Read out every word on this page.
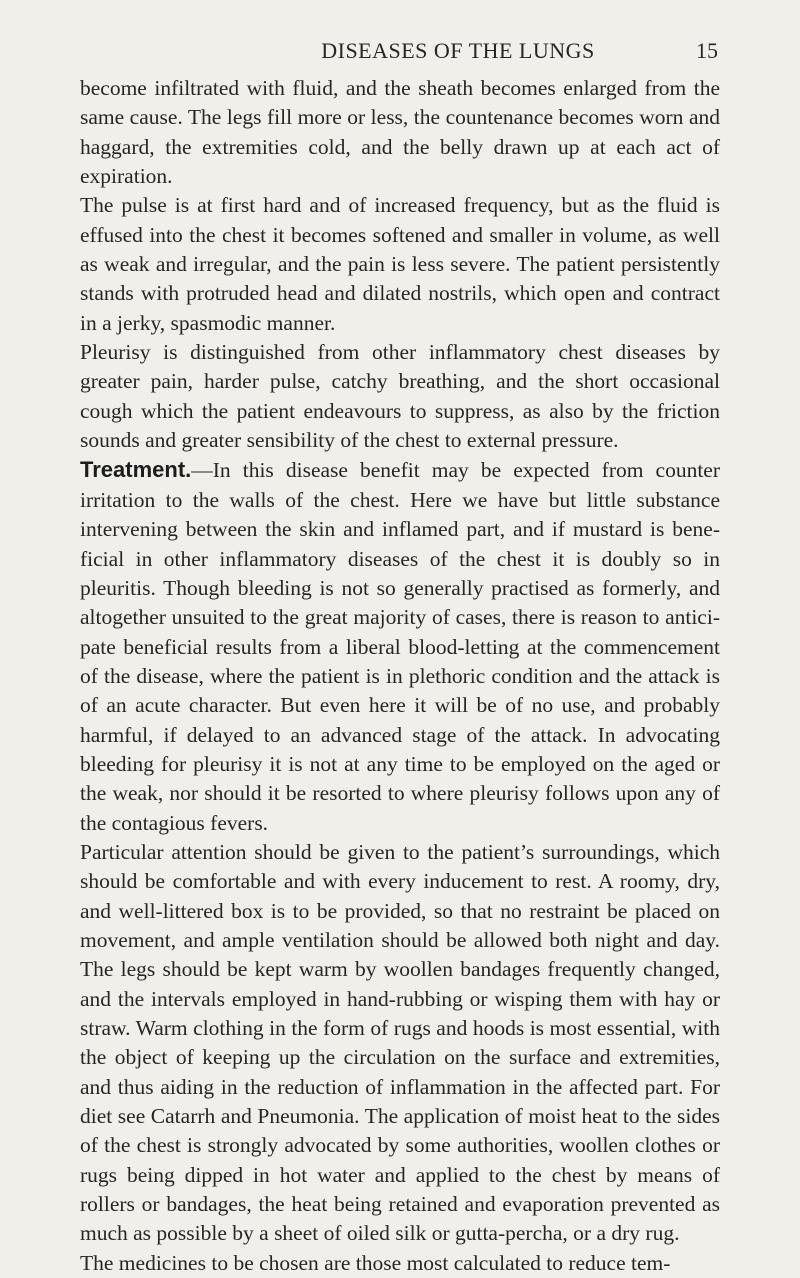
DISEASES OF THE LUNGS	15

become infiltrated with fluid, and the sheath becomes enlarged from the same cause. The legs fill more or less, the countenance becomes worn and haggard, the extremities cold, and the belly drawn up at each act of expiration.

The pulse is at first hard and of increased frequency, but as the fluid is effused into the chest it becomes softened and smaller in volume, as well as weak and irregular, and the pain is less severe. The patient persistently stands with protruded head and dilated nostrils, which open and contract in a jerky, spasmodic manner.

Pleurisy is distinguished from other inflammatory chest diseases by greater pain, harder pulse, catchy breathing, and the short occasional cough which the patient endeavours to suppress, as also by the friction sounds and greater sensibility of the chest to external pressure.

Treatment.—In this disease benefit may be expected from counter irritation to the walls of the chest. Here we have but little substance intervening between the skin and inflamed part, and if mustard is beneficial in other inflammatory diseases of the chest it is doubly so in pleuritis. Though bleeding is not so generally practised as formerly, and altogether unsuited to the great majority of cases, there is reason to anticipate beneficial results from a liberal blood-letting at the commencement of the disease, where the patient is in plethoric condition and the attack is of an acute character. But even here it will be of no use, and probably harmful, if delayed to an advanced stage of the attack. In advocating bleeding for pleurisy it is not at any time to be employed on the aged or the weak, nor should it be resorted to where pleurisy follows upon any of the contagious fevers.

Particular attention should be given to the patient’s surroundings, which should be comfortable and with every inducement to rest. A roomy, dry, and well-littered box is to be provided, so that no restraint be placed on movement, and ample ventilation should be allowed both night and day. The legs should be kept warm by woollen bandages frequently changed, and the intervals employed in hand-rubbing or wisping them with hay or straw. Warm clothing in the form of rugs and hoods is most essential, with the object of keeping up the circulation on the surface and extremities, and thus aiding in the reduction of inflammation in the affected part. For diet see Catarrh and Pneumonia. The application of moist heat to the sides of the chest is strongly advocated by some authorities, woollen clothes or rugs being dipped in hot water and applied to the chest by means of rollers or bandages, the heat being retained and evaporation prevented as much as possible by a sheet of oiled silk or gutta-percha, or a dry rug.

The medicines to be chosen are those most calculated to reduce tem-
